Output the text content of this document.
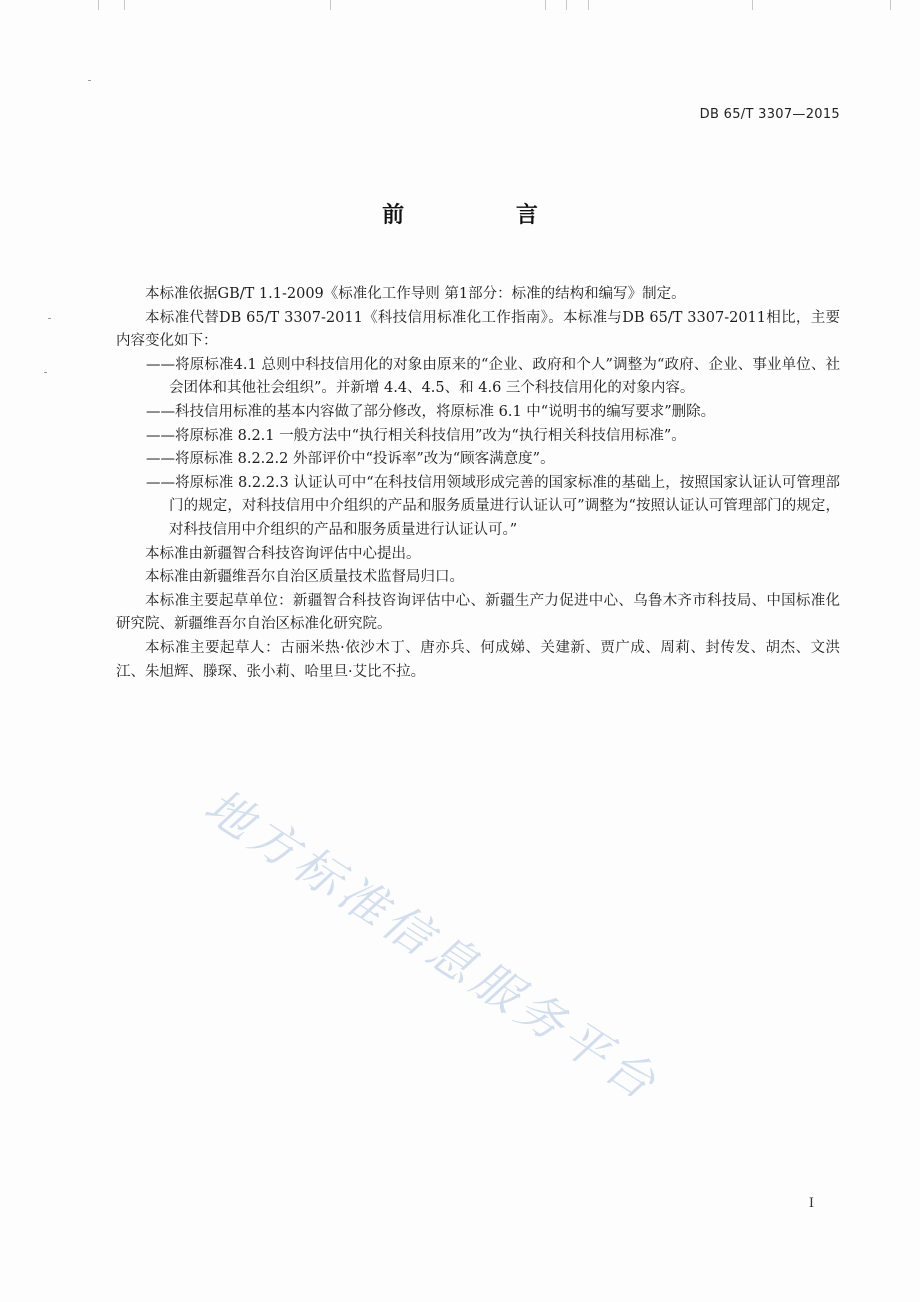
DB 65/T 3307—2015
前 言

本标准依据GB/T 1.1-2009《标准化工作导则 第1部分：标准的结构和编写》制定。

本标准代替DB 65/T 3307-2011《科技信用标准化工作指南》。本标准与DB 65/T 3307-2011相比，主要内容变化如下：

——将原标准4.1 总则中科技信用化的对象由原来的“企业、政府和个人”调整为“政府、企业、事业单位、社会团体和其他社会组织”。并新增 4.4、4.5、和 4.6 三个科技信用化的对象内容。

——科技信用标准的基本内容做了部分修改，将原标准 6.1 中“说明书的编写要求”删除。

——将原标准 8.2.1 一般方法中“执行相关科技信用”改为“执行相关科技信用标准”。

——将原标准 8.2.2.2 外部评价中“投诉率”改为“顾客满意度”。

——将原标准 8.2.2.3 认证认可中“在科技信用领域形成完善的国家标准的基础上，按照国家认证认可管理部门的规定，对科技信用中介组织的产品和服务质量进行认证认可”调整为“按照认证认可管理部门的规定，对科技信用中介组织的产品和服务质量进行认证认可。”

本标准由新疆智合科技咨询评估中心提出。

本标准由新疆维吾尔自治区质量技术监督局归口。

本标准主要起草单位：新疆智合科技咨询评估中心、新疆生产力促进中心、乌鲁木齐市科技局、中国标准化研究院、新疆维吾尔自治区标准化研究院。

本标准主要起草人：古丽米热·依沙木丁、唐亦兵、何成娣、关建新、贾广成、周莉、封传发、胡杰、文洪江、朱旭辉、滕琛、张小莉、哈里旦·艾比不拉。

地方标准信息服务平台
I
